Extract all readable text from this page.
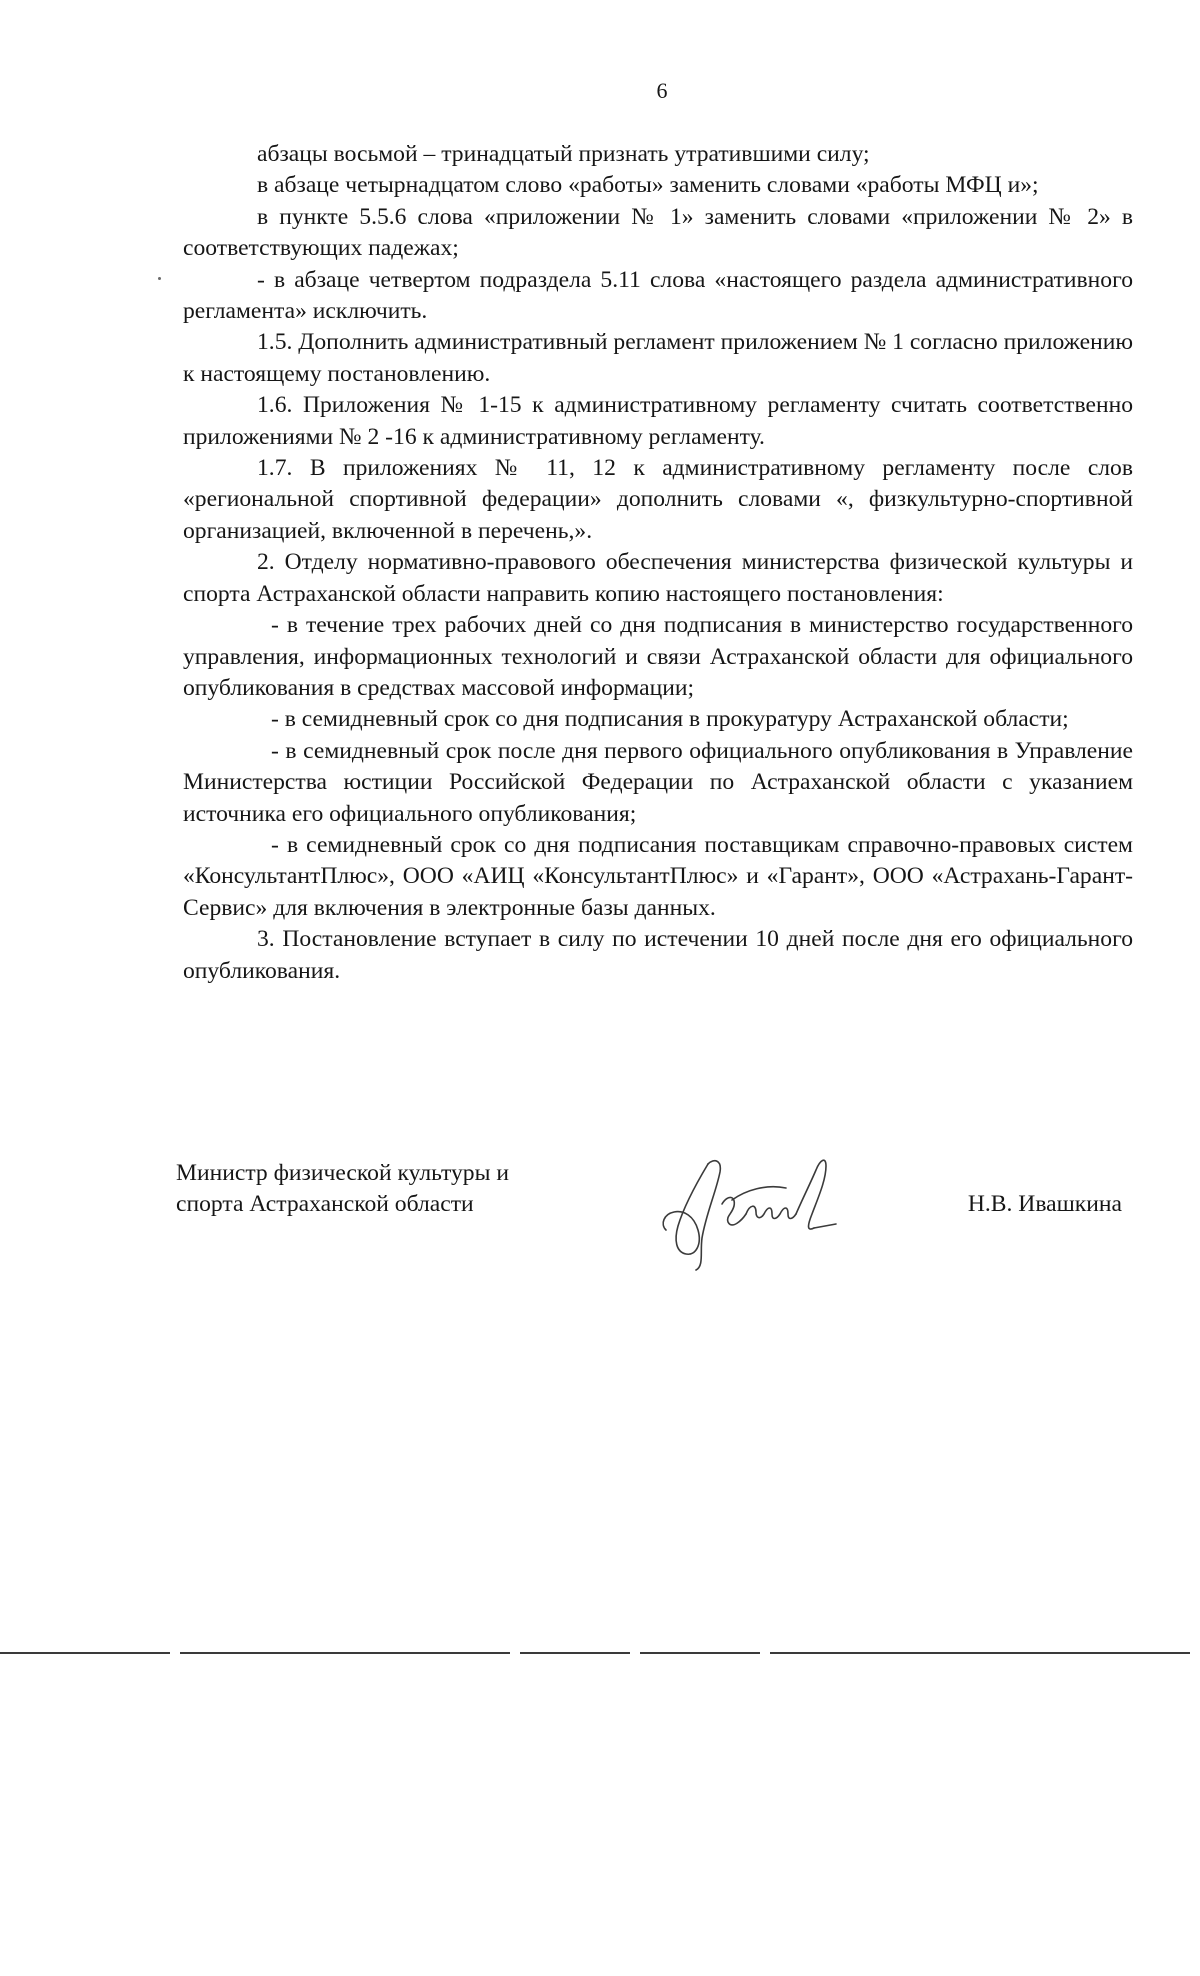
6

абзацы восьмой – тринадцатый признать утратившими силу;

в абзаце четырнадцатом слово «работы» заменить словами «работы МФЦ и»;

в пункте 5.5.6 слова «приложении № 1» заменить словами «приложении № 2» в соответствующих падежах;

- в абзаце четвертом подраздела 5.11 слова «настоящего раздела административного регламента» исключить.

1.5. Дополнить административный регламент приложением № 1 согласно приложению к настоящему постановлению.

1.6. Приложения № 1-15 к административному регламенту считать соответственно приложениями № 2 -16 к административному регламенту.

1.7. В приложениях № 11, 12 к административному регламенту после слов «региональной спортивной федерации» дополнить словами «, физкультурно-спортивной организацией, включенной в перечень,».

2. Отделу нормативно-правового обеспечения министерства физической культуры и спорта Астраханской области направить копию настоящего постановления:

- в течение трех рабочих дней со дня подписания в министерство государственного управления, информационных технологий и связи Астраханской области для официального опубликования в средствах массовой информации;

- в семидневный срок со дня подписания в прокуратуру Астраханской области;

- в семидневный срок после дня первого официального опубликования в Управление Министерства юстиции Российской Федерации по Астраханской области с указанием источника его официального опубликования;

- в семидневный срок со дня подписания поставщикам справочно-правовых систем «КонсультантПлюс», ООО «АИЦ «КонсультантПлюс» и «Гарант», ООО «Астрахань-Гарант-Сервис» для включения в электронные базы данных.

3. Постановление вступает в силу по истечении 10 дней после дня его официального опубликования.

Министр физической культуры и
спорта Астраханской области	Н.В. Ивашкина
